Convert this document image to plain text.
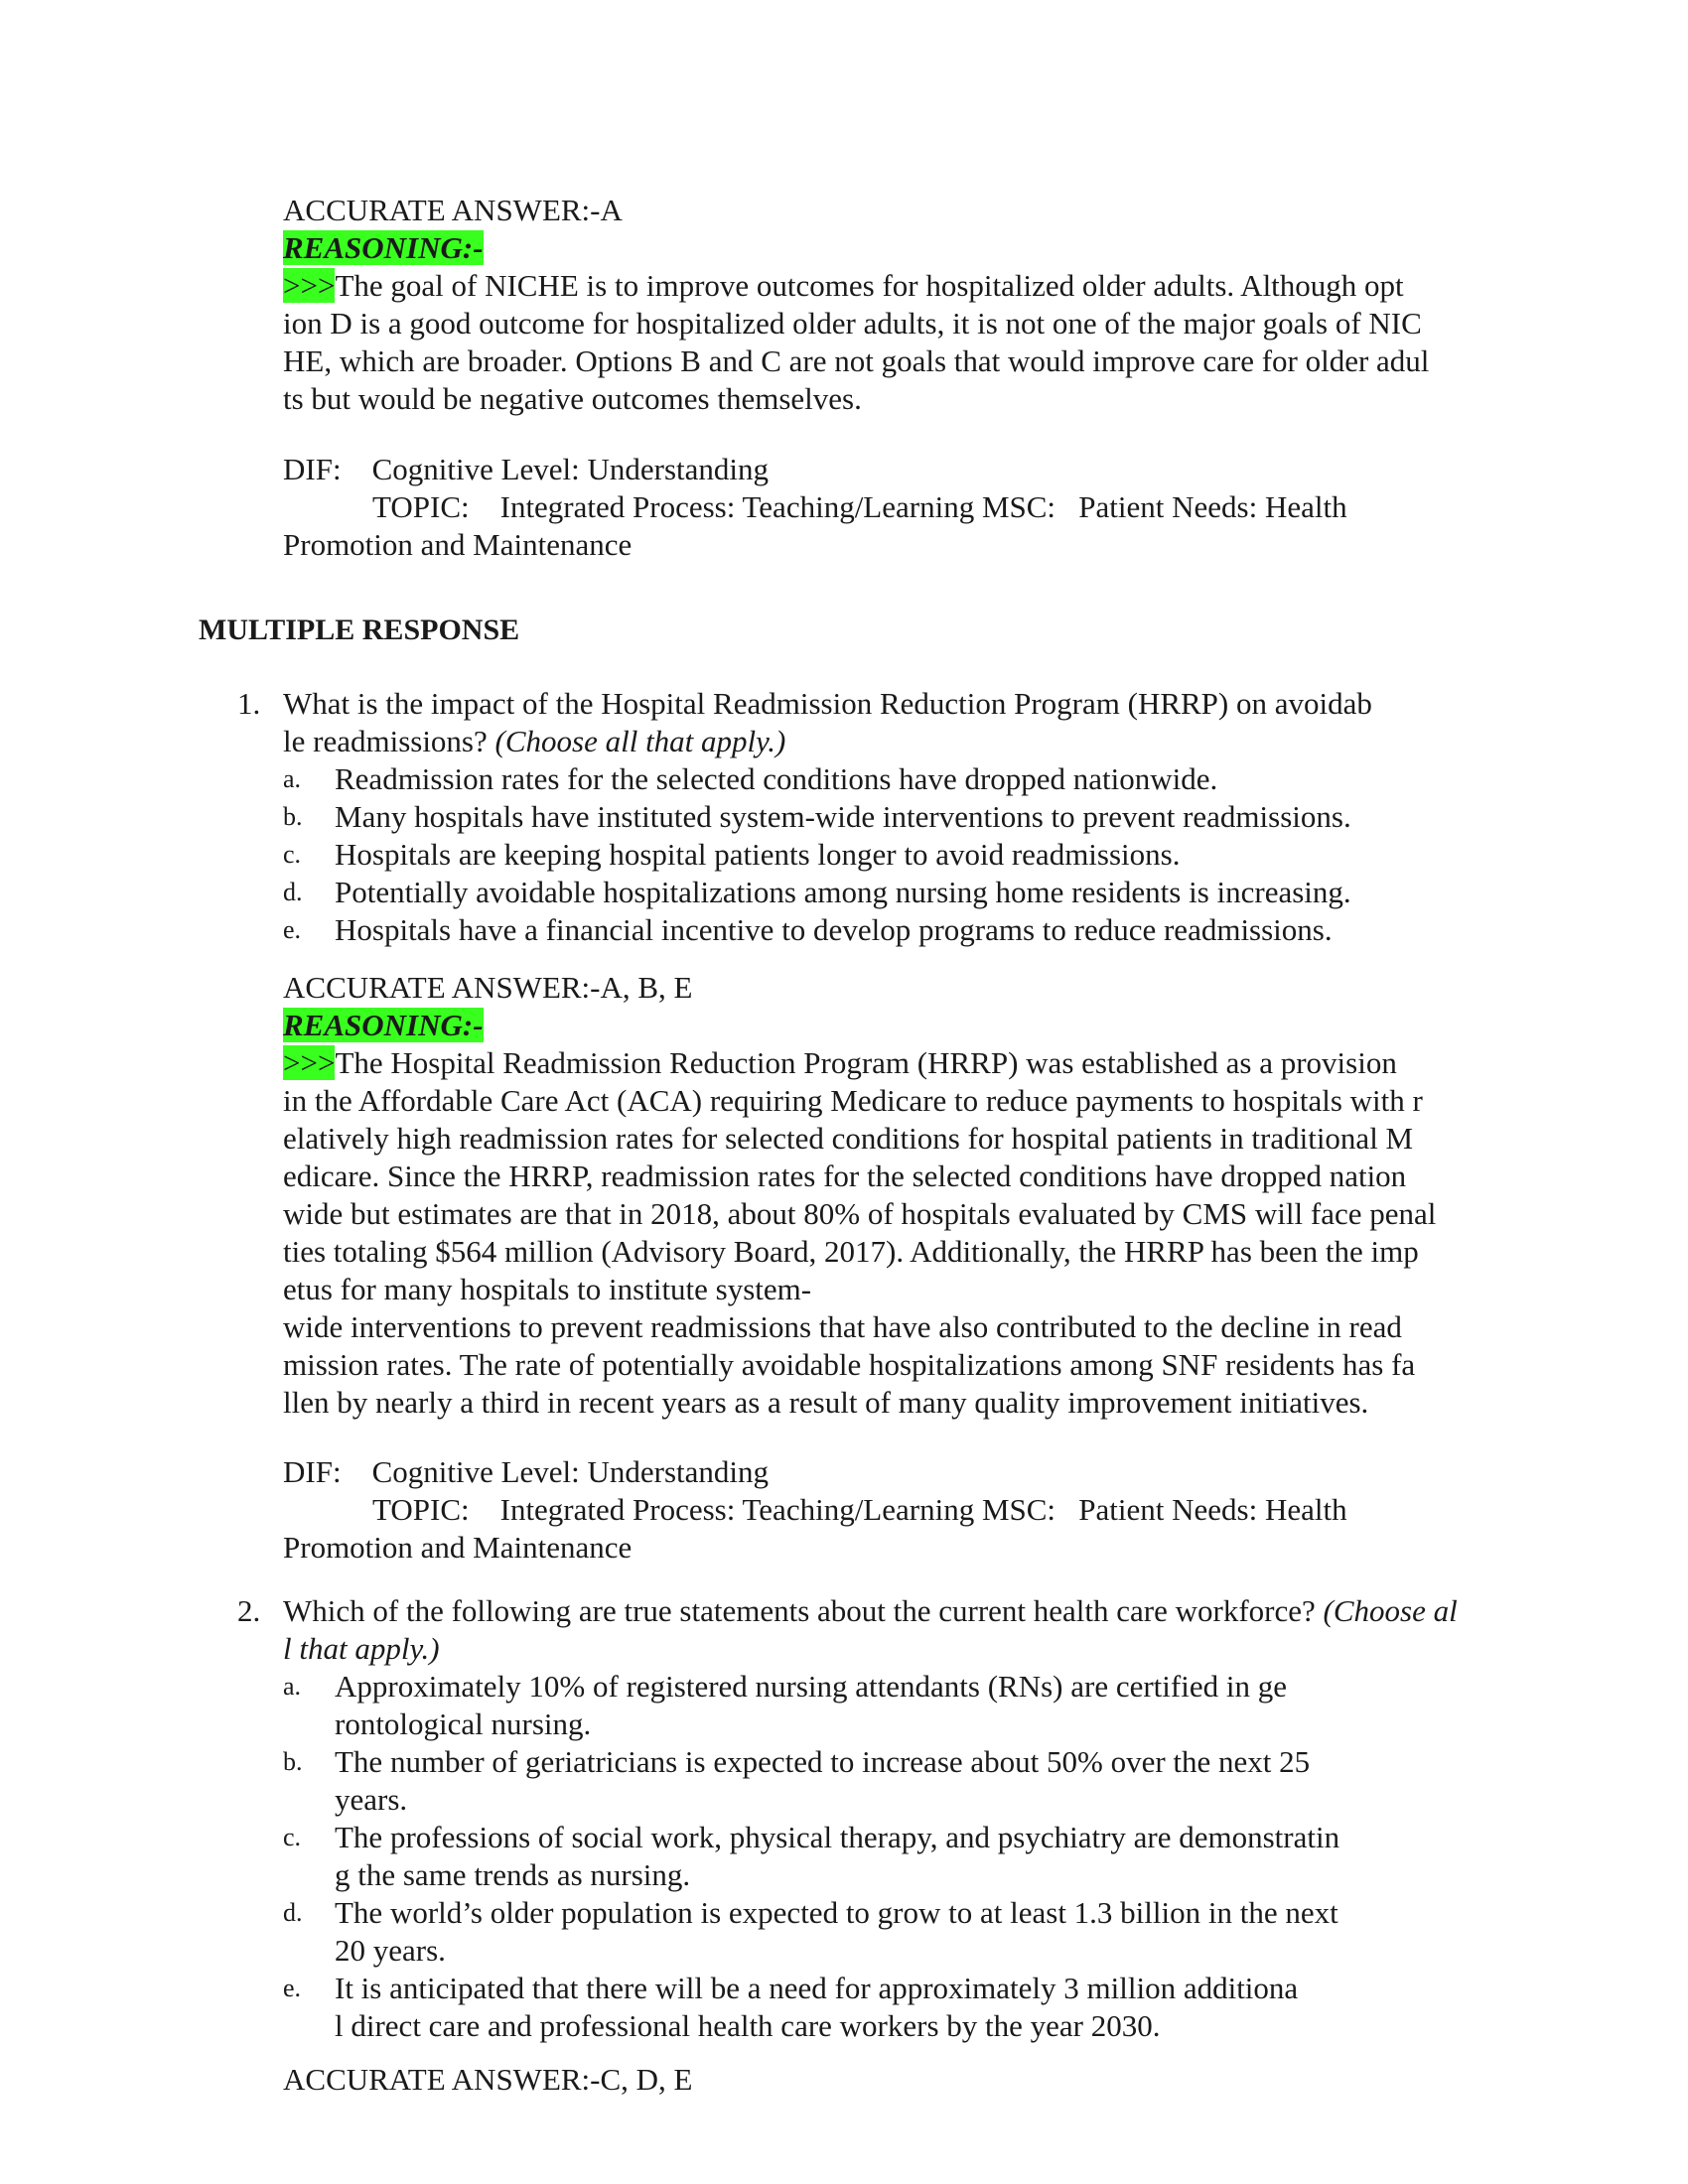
ACCURATE ANSWER:-A
REASONING:-
>>>The goal of NICHE is to improve outcomes for hospitalized older adults. Although opt
ion D is a good outcome for hospitalized older adults, it is not one of the major goals of NIC
HE, which are broader. Options B and C are not goals that would improve care for older adul
ts but would be negative outcomes themselves.
DIF:    Cognitive Level: Understanding
TOPIC:    Integrated Process: Teaching/Learning MSC:   Patient Needs: Health
Promotion and Maintenance
MULTIPLE RESPONSE
1. What is the impact of the Hospital Readmission Reduction Program (HRRP) on avoidab
le readmissions? (Choose all that apply.)
a. Readmission rates for the selected conditions have dropped nationwide.
b. Many hospitals have instituted system-wide interventions to prevent readmissions.
c. Hospitals are keeping hospital patients longer to avoid readmissions.
d. Potentially avoidable hospitalizations among nursing home residents is increasing.
e. Hospitals have a financial incentive to develop programs to reduce readmissions.
ACCURATE ANSWER:-A, B, E
REASONING:-
>>>The Hospital Readmission Reduction Program (HRRP) was established as a provision
in the Affordable Care Act (ACA) requiring Medicare to reduce payments to hospitals with r
elatively high readmission rates for selected conditions for hospital patients in traditional M
edicare. Since the HRRP, readmission rates for the selected conditions have dropped nation
wide but estimates are that in 2018, about 80% of hospitals evaluated by CMS will face penal
ties totaling $564 million (Advisory Board, 2017). Additionally, the HRRP has been the imp
etus for many hospitals to institute system-
wide interventions to prevent readmissions that have also contributed to the decline in read
mission rates. The rate of potentially avoidable hospitalizations among SNF residents has fa
llen by nearly a third in recent years as a result of many quality improvement initiatives.
DIF:    Cognitive Level: Understanding
TOPIC:    Integrated Process: Teaching/Learning MSC:   Patient Needs: Health
Promotion and Maintenance
2. Which of the following are true statements about the current health care workforce? (Choose al
l that apply.)
a. Approximately 10% of registered nursing attendants (RNs) are certified in ge
rontological nursing.
b. The number of geriatricians is expected to increase about 50% over the next 25
years.
c. The professions of social work, physical therapy, and psychiatry are demonstratin
g the same trends as nursing.
d. The world’s older population is expected to grow to at least 1.3 billion in the next
20 years.
e. It is anticipated that there will be a need for approximately 3 million additiona
l direct care and professional health care workers by the year 2030.
ACCURATE ANSWER:-C, D, E
